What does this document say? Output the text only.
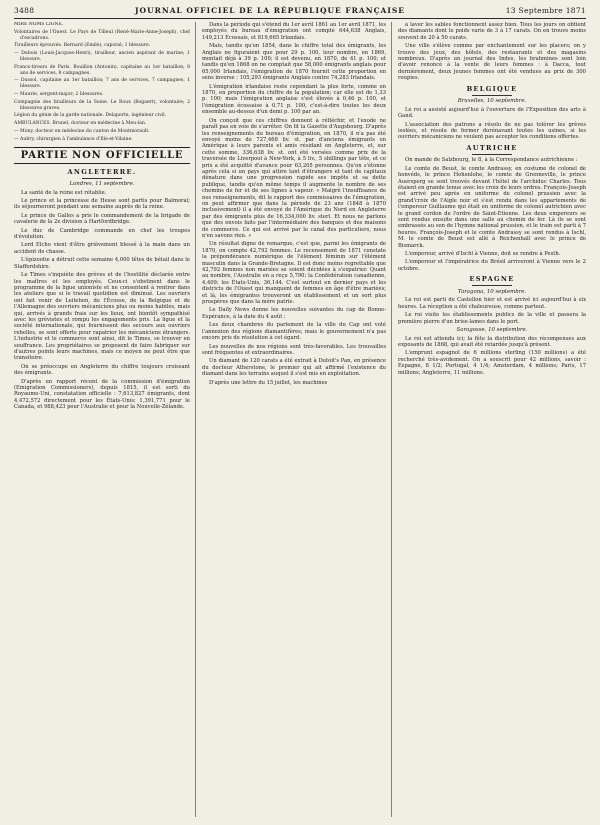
3488	JOURNAL OFFICIEL DE LA RÉPUBLIQUE FRANÇAISE	13 Septembre 1871

MIRE NOMS LIGNE.

Volontaires de l'Ouest. Le Pays de Tilleul (René-Marie-Anne-Joseph), chef d'escadrons.

Tirailleurs éprouvés. Bernard (Emile), caporal; 1 blessure.

— Dubois (Louis-Jacques-Henri), tirailleur, ancien aspirant de marine; 1 blessure.

Francs-tireurs de Paris. Bouillon (Antonin), capitaine au 1er bataillon; 8 ans de services, 8 campagnes.

— Dussol, capitaine au 1er bataillon; 7 ans de services, 7 campagnes, 1 blessure.

— Maurie, sergent-major; 2 blessures.

Compagnie des tirailleurs de la Seine. Le Roux (Bogaert), volontaire; 2 blessures graves.

Légion du génie de la garde nationale. Delaporte, ingénieur civil.

AMBULANCES. Brunel, docteur en médecine à Meu-lan.

— Mony, docteur en médecine du canton de Montmorault.

— Aubry, chirurgien à l'ambulance d'Ille-et-Vilaine.

PARTIE NON OFFICIELLE
ANGLETERRE.
Londres, 11 septembre.

La santé de la reine est rétablie.

Le prince et la princesse de Hesse sont partis pour Balmoral; ils séjourneront pendant une semaine auprès de la reine.

Le prince de Galles a pris le commandement de la brigade de cavalerie de la 2e division à Hartfordbridge.

Le duc de Cambridge commande en chef les troupes d'évolution.

Lord Elcho vient d'être grièvement blessé à la main dans un accident de chasse.

L'épizootie a détruit cette semaine 4,000 têtes de bétail dans le Staffordshire.

Le Times s'inquiète des grèves et de l'hostilité déclarée entre les maîtres et les employés. Ceux-ci s'obstinent dans le programme de la ligue unioniste et ne consentent à rentrer dans les ateliers que si le travail quotidien est diminué. Les ouvriers ont fait venir de Leitehen, de l'Écosse, de la Belgique et de l'Allemagne des ouvriers mécaniciens plus ou moins habiles, mais qui, arrivés à grands frais sur les lieux, ont bientôt sympathisé avec les grévistes et rompu les engagements pris. La ligue et la société internationale, qui fournissent des secours aux ouvriers rebelles, se sont offerts pour rapatrier les mécaniciens étrangers. L'industrie et le commerce sont ainsi, dit le Times, se trouver en souffrance. Les propriétaires se proposent de faire fabriquer sur d'autres points leurs machines, mais ce moyen ne peut être que transitoire.

On se préoccupe en Angleterre du chiffre toujours croissant des émigrants.

D'après un rapport récent de la commission d'émigration (Emigration Commissioners), depuis 1815, il est sorti du Royaume-Uni, constatation officielle : 7,613,827 émigrants, dont 4,472,572 directement pour les États-Unis; 1,391,771 pour le Canada, et 988,423 pour l'Australie et pour la Nouvelle-Zélande.

Dans la période qui s'étend du 1er avril 1861 au 1er avril 1871, les employés du bureau d'émigration ont compté 644,638 Anglais, 149,213 Écossais, et 819,665 Irlandais.

Mais, tandis qu'en 1854, dans le chiffre total des émigrants, les Anglais ne figuraient que pour 29 p. 100, leur nombre, en 1869, montait déjà à 39 p. 100; il est devenu, en 1870, de 41 p. 100; et tandis qu'en 1868 on ne comptait que 58,000 émigrants anglais pour 65,000 Irlandais, l'émigration de 1870 fournit cette proportion en sens inverse : 105,293 émigrants Anglais contre 74,283 Irlandais.

L'émigration irlandaise reste cependant la plus forte, comme en 1870, en proportion du chiffre de la population; car elle est de 1,33 p. 100; mais l'émigration anglaise s'est élevée à 0,46 p. 100, et l'émigration écossaise à 0,71 p. 100, c'est-à-dire toutes les deux ensemble au-dessus d'un demi p. 100 par an.

On conçoit que ces chiffres donnent à réfléchir, et l'exode ne paraît pas en voie de s'arrêter. On lit la Gazette d'Augsbourg. D'après les renseignements du bureau d'émigration, en 1870, il n'a pas été envoyé moins de 727,468 liv. st. par d'anciens émigrants en Amérique à leurs parents et amis résidant en Angleterre, et, sur cette somme, 336,638 liv. st. ont été versées comme prix de la traversée de Liverpool à New-York, à 5 liv., 5 shillings par tête, et ce prix a été acquitté d'avance pour 63,205 personnes. Qu'on s'étonne après cela si un pays qui attire tant d'étrangers et tant de capitaux dénature dans une progression rapide ses impôts et sa dette publique, tandis qu'en même temps il augmente le nombre de ses chemins de fer et de ses lignes à vapeur. « Malgré l'insuffisance de nos renseignements, dit le rapport des commissaires de l'émigration, on peut affirmer que dans la période de 23 ans (1848 à 1870 inclusivement) il a été envoyé de l'Amérique du Nord en Angleterre par des émigrants plus de 16,334,000 liv. sterl. Et nous ne parlons que des envois faits par l'intermédiaire des banques et des maisons de commerce. Ce qui est arrivé par le canal des particuliers, nous n'en savons rien. »

Un résultat digne de remarque, c'est que, parmi les émigrants de 1870, on compte 42,792 femmes. Le recensement de 1871 constate la prépondérance numérique de l'élément féminin sur l'élément masculin dans la Grande-Bretagne. Il est donc moins regrettable que 42,792 femmes non mariées se soient décidées à s'expatrier. Quant au nombre, l'Australie en a reçu 5,790; la Confédération canadienne, 4,409; les États-Unis, 36,144. C'est surtout en dernier pays et les districts de l'Ouest qui manquent de femmes en âge d'être mariées; et là, les émigrantes trouveront un établissement et un sort plus prospères que dans la mère patrie.

Le Daily News donne les nouvelles suivantes du cap de Bonne-Espérance, à la date du 4 août :

Les deux chambres du parlement de la ville du Cap ont voté l'annexion des régions diamantifères; mais le gouvernement n'a pas encore pris de résolution à cet égard.

Les nouvelles de nos régions sont très-favorables. Les trouvailles sont fréquentes et extraordinaires.

Un diamant de 120 carats a été extrait à Dutoit's Pan, en présence du docteur Atherstone, le premier qui ait affirmé l'existence du diamant dans les terrains auquel il s'est mis en exploitation.

D'après une lettre du 15 juillet, les machines

à laver les sables fonctionnent assez bien. Tous les jours on obtient des diamants dont le poids varie de 3 à 17 carats. On en trouve moins souvent de 20 à 50 carats.

Une ville s'élève comme par enchantement sur les placers; on y trouve des jeux, des hôtels, des restaurants et des magasins nombreux. D'après un journal des Indes, les brahmines sont loin d'avoir renoncé à la vente de leurs femmes : à Dacca, tout dernièrement, deux jeunes femmes ont été vendues au prix de 300 roupies.

BELGIQUE
Bruxelles, 10 septembre.

Le roi a assisté aujourd'hui à l'ouverture de l'Exposition des arts à Gand.

L'association des patrons a résolu de ne pas tolérer les grèves isolées, et résolu de fermer dorénavant toutes les usines, si les ouvriers mécaniciens ne veulent pas accepter les conditions offertes.

AUTRICHE

On mande de Salzbourg, le 8, à la Correspondance autrichienne :

Le comte de Beust, le comte Andrassy, en costume de colonel de honvéds, le prince Hohenlohe, le comte de Grenneville, le prince Auersperg se sont trouvés devant l'hôtel de l'archiduc Charles. Tous étaient en grande tenue avec les croix de leurs ordres. François-Joseph est arrivé peu après en uniforme de colonel prussien avec la grand'croix de l'Aigle noir et s'est rendu dans les appartements de l'empereur Guillaume qui était en uniforme de colonel autrichien avec le grand cordon de l'ordre de Saint-Étienne. Les deux empereurs se sont rendus ensuite dans une salle au chemin de fer. Là ils se sont embrassés au son de l'hymne national prussien, et le train est parti à 7 heures. François-Joseph et le comte Andrassy se sont rendus à Ischl, M. le comte de Beust est allé à Reichenhall avec le prince de Bismarck.

L'empereur, arrivé d'Ischl à Vienne, doit se rendre à Pesth.

L'empereur et l'impératrice du Brésil arriveront à Vienne vers le 2 octobre.

ESPAGNE
Taragona, 10 septembre.

Le roi est parti de Castellon hier et est arrivé ici aujourd'hui à six heures. La réception a été chaleureuse, comme partout.

Le roi visite les établissements publics de la ville et passera la première pierre d'un brise-lames dans le port.

Saragosse, 10 septembre.

Le roi est attendu ici; la fête la distribution des récompenses aux exposants de 1868, qui avait été retardée jusqu'à présent.

L'emprunt espagnol de 6 millions sterling (150 millions) a été recherché très-avidement. On a souscrit pour 42 millions, savoir : Espagne, 8 1/2; Portugal, 4 1/4; Amsterdam, 4 millions; Paris, 17 millions; Angleterre, 11 millions.
